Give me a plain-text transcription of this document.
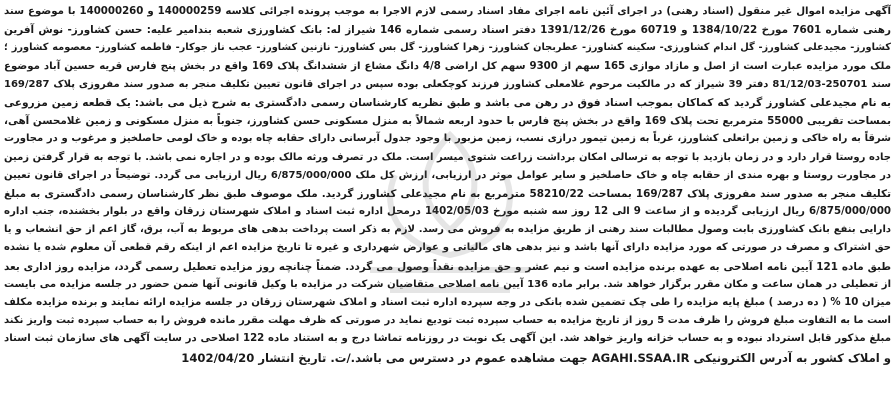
آگهی مزایده اموال غیر منقول (اسناد رهنی) در اجرای آئین نامه اجرای مفاد اسناد رسمی لازم الاجرا به موجب پرونده اجرائی کلاسه 140000259 و 140000260 با موضوع سند
رهنی شماره 7601 مورخ 1384/10/22 و 60719 مورخ 1391/12/26 دفتر اسناد رسمی شماره 146 شیراز له: بانک کشاورزی شعبه بندامیر علیه: حسن کشاورز- نوش آفرین
کشاورز- مجیدعلی کشاورز- گل اندام کشاورزی- سکینه کشاورز- عطربجان کشاورز- زهرا کشاورز- گل بس کشاورز- نازنین کشاورز- عجب ناز جوکار- فاطمه کشاورز- معصومه کشاورز ؛
ملک مورد مزایده عبارت است از اصل و مازاد موازی 165 سهم از 9300 سهم کل اراضی 4/8 دانگ مشاع از ششدانگ پلاک 169 واقع در بخش پنج فارس قریه حسین آباد موضوع
سند 250701-81/12/03 دفتر 39 شیراز که در مالکیت مرحوم غلامعلی کشاورز فرزند کوچکعلی بوده سپس در اجرای قانون تعیین تکلیف منجر به صدور سند مفروزی پلاک 169/287
به نام مجیدعلی کشاورز گردید که کماکان بموجب اسناد فوق در رهن می باشد و طبق نظریه کارشناسان رسمی دادگستری به شرح ذیل می باشد: یک قطعه زمین مزروعی
بمساحت تقریبی 55000 مترمربع تحت پلاک 169 واقع در بخش پنج فارس با حدود اربعه شمالاً به منزل مسکونی حسن کشاورز، جنوباً به منزل مسکونی و زمین غلامحسن آهی،
شرقاً به راه خاکی و زمین براتعلی کشاورز، غرباً به زمین تیمور درازی نسب، زمین مزبور با وجود جدول آبرسانی دارای حقابه چاه بوده و خاک لومی حاصلخیز و مرغوب و در مجاورت
جاده روستا قرار دارد و در زمان بازدید با توجه به ترسالی امکان برداشت زراعت شتوی میسر است. ملک در تصرف ورثه مالک بوده و در اجاره نمی باشد. با توجه به قرار گرفتن زمین
در مجاورت روستا و بهره مندی از حقابه چاه و خاک حاصلخیز و سایر عوامل موثر در ارزیابی، ارزش کل ملک 6/875/000/000 ریال ارزیابی می گردد. توضیحاً در اجرای قانون تعیین
تکلیف منجر به صدور سند مفروزی پلاک 169/287 بمساحت 58210/22 مترمربع به نام مجیدعلی کشاورز گردید. ملک موصوف طبق نظر کارشناسان رسمی دادگستری به مبلغ
6/875/000/000 ریال ارزیابی گردیده و از ساعت 9 الی 12 روز سه شنبه مورخ 1402/05/03 درمحل اداره ثبت اسناد و املاک شهرستان زرقان واقع در بلوار بخشنده، جنب اداره
دارایی بنفع بانک کشاورزی بابت وصول مطالبات سند رهنی از طریق مزایده به فروش می رسد. لازم به ذکر است پرداخت بدهی های مربوط به آب، برق، گاز اعم از حق انشعاب و یا
حق اشتراک و مصرف در صورتی که مورد مزایده دارای آنها باشد و نیز بدهی های مالیاتی و عوارض شهرداری و غیره تا تاریخ مزایده اعم از اینکه رقم قطعی آن معلوم شده یا نشده
طبق ماده 121 آیین نامه اصلاحی به عهده برنده مزایده است و نیم عشر و حق مزایده نقداً وصول می گردد. ضمناً چنانچه روز مزایده تعطیل رسمی گردد، مزایده روز اداری بعد
از تعطیلی در همان ساعت و مکان مقرر برگزار خواهد شد. برابر ماده 136 آیین نامه اصلاحی متقاضیان شرکت در مزایده با وکیل قانونی آنها ضمن حضور در جلسه مزایده می بایست
میزان 10 % ( ده درصد ) مبلغ پایه مزایده را طی چک تضمین شده بانکی در وجه سپرده اداره ثبت اسناد و املاک شهرستان زرقان در جلسه مزایده ارائه نمایند و برنده مزایده مکلف
است ما به التفاوت مبلغ فروش را ظرف مدت 5 روز از تاریخ مزایده به حساب سپرده ثبت تودیع نماید در صورتی که ظرف مهلت مقرر مانده فروش را به حساب سپرده ثبت واریز نکند
مبلغ مذکور قابل استرداد نبوده و به حساب خزانه واریز خواهد شد. این آگهی یک نوبت در روزنامه تماشا درج و به استناد ماده 122 اصلاحی در سایت آگهی های سازمان ثبت اسناد
و املاک کشور به آدرس الکترونیکی AGAHI.SSAA.IR جهت مشاهده عموم در دسترس می باشد./ت. تاریخ انتشار 1402/04/20
